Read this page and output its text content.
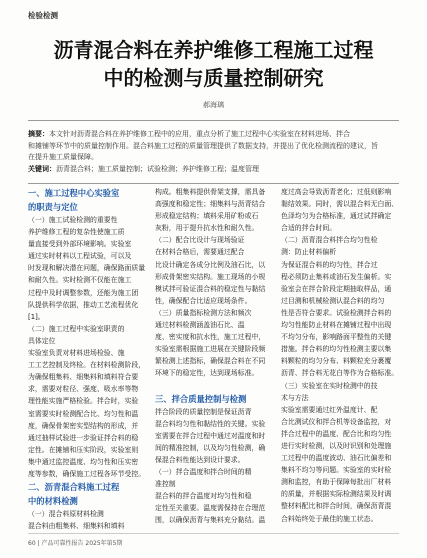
检验检测
沥青混合料在养护维修工程施工过程
中的检测与质量控制研究
郝海璃
摘要：本文针对沥青混合料在养护维修工程中的应用，重点分析了施工过程中心实验室在材料进场、拌合
和摊铺等环节中的质量控制作用。混合料施工过程的质量管理提供了数据支持，并提出了优化检测流程的建议，旨
在提升施工质量保障。
关键词：沥青混合料；施工质量控制；试验检测；养护维修工程；温度管理
一、施工过程中心实验室
的职责与定位
（一）施工试验检测的重要性
养护维修工程的复杂性使施工质
量直接受到外部环境影响。实验室
通过实时材料以工程试验，可以及
时发现和解决潜在问题，确保路面质量
和耐久性。实时检测不仅能在施工
过程中及时调整参数，还能为施工团
队提供科学依据，推动工艺流程优化
[1]。
（二）施工过程中实验室职责的
具体定位
实验室负责对材料进场检验、施
工工艺控制及终检。在材料检测阶段，
为确保粗集料、细集料和填料符合要
求，需要对粒径、强度、吸水率等物
理性能实施严格检验。拌合时，实验
室需要实时检测配合比、均匀性和温
度，确保骨架密实型结构的形成，并
通过抽样试验进一步验证拌合料的稳
定性。在摊铺和压实阶段，实验室则
集中通过监控温度、均匀性和压实密
度等参数，确保施工过程各环节受控。
二、沥青混合料施工过程
中的材料检测
（一）混合料原材料检测
混合料由粗集料、细集料和填料
构成。粗集料提供骨架支撑，需具备
高强度和稳定性；细集料与沥青结合
形成稳定结构；填料采用矿粉或石
灰粉，用于提升抗水性和耐久性。
（二）配合比设计与现场验证
在材料合格后，需要通过配合
比设计确定各成分比例及油石比，以
形成骨架密实结构。施工现场的小规
模试拌可验证混合料的稳定性与黏结
性，确保配合比适应现场条件。
（三）质量指标检测方法和频次
通过材料检测涵盖油石比、温
度、密实度和抗水性，施工过程中，
实验室需根据施工进展在关键阶段频
繁检测上述指标，确保混合料在不同
环境下的稳定性，达到现场标准。
三、拌合质量控制与检测
拌合阶段的质量控制是保证沥青
混合料均匀性和黏结性的关键。实验
室需要在拌合过程中通过对温度和时
间的精准控制，以及均匀性检测，确
保混合料性能达到设计要求。
（一）拌合温度和拌合时间的精
准控制
混合料的拌合温度对均匀性和稳
定性至关重要。温度需保持在合理范
围，以确保沥青与集料充分黏结。温
度过高会导致沥青老化；过低则影响
黏结效果。同时，需以混合料无白面、
色泽均匀为合格标准，通过试拌确定
合适的拌合时间。
（二）沥青混合料拌合均匀性检
测：防止材料偏析
为保证混合料的均匀性，拌合过
程必须防止集料或油石发生偏析。实
验室会在拌合阶段定期抽取样品，通
过目测和机械检测认混合料的均匀
性是否符合要求。试验检测拌合料的
均匀性能防止材料在摊铺过程中出现
不均匀分布，影响路面平整性的关键
措施。拌合料的均匀性检测主要以集
料颗粒的均匀分布、料颗粒充分裹覆
沥青、拌合料无花白等作为合格标准。
（三）实验室在实时检测中的技
术与方法
实验室需要通过红外温度计、配
合比测试仪和拌合机等设备监控，对
拌合过程中的温度、配合比和均匀性
进行实时检测，以及时识别和处理施
工过程中的温度波动、油石比偏差和
集料不均匀等问题。实验室的实时检
测和监控，有助于保障每批出厂材料
的质量，并根据实际检测结果及时调
整材料配比和拌合时间，确保沥青混
合料始终处于最佳的施工状态。
60 | 产品可靠性报告 2025年第5期
